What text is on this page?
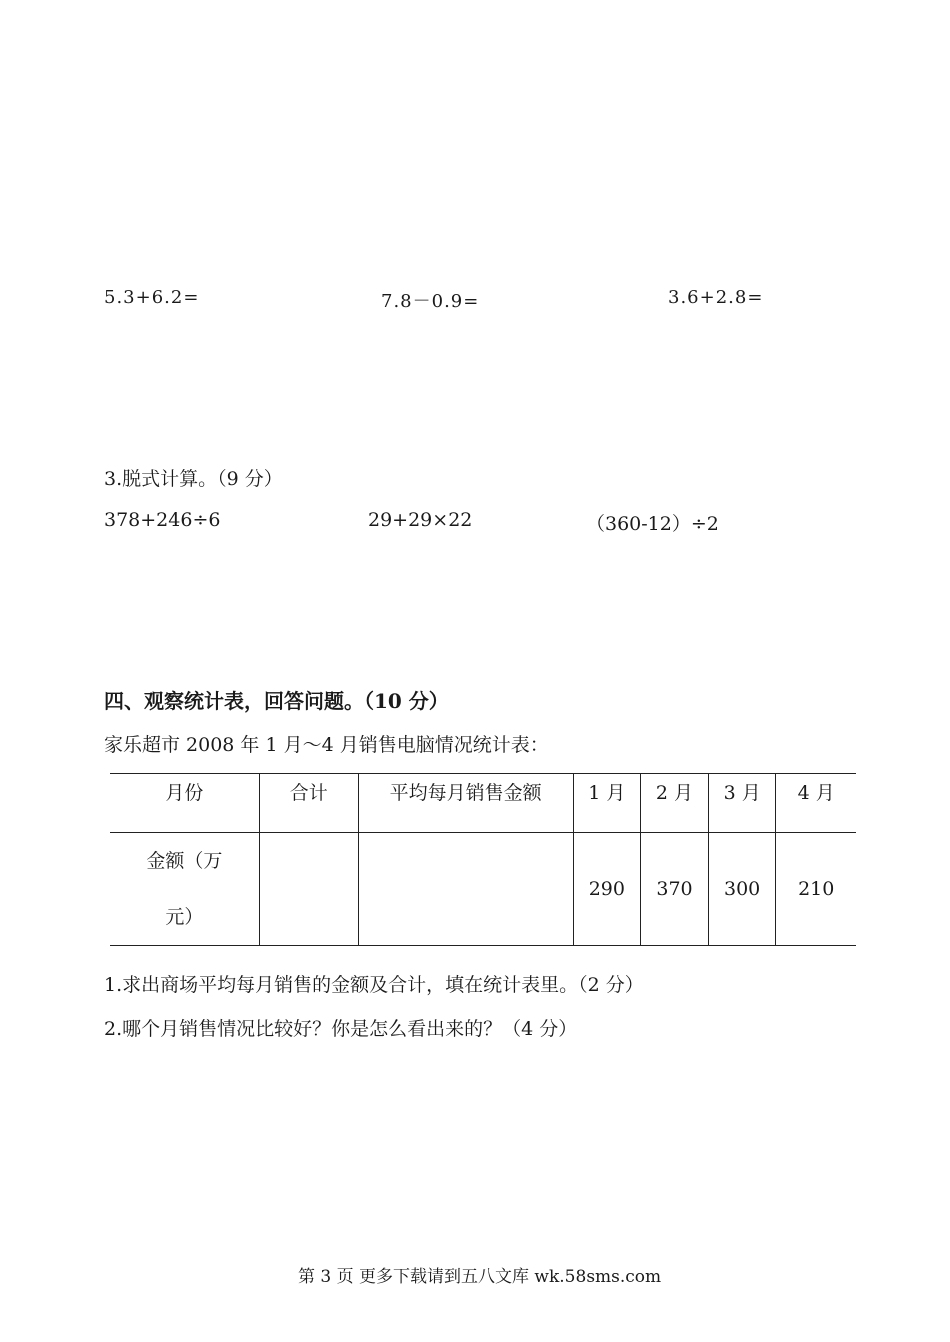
5.3+6.2=	7.8－0.9=	3.6+2.8=
3.脱式计算。（9 分）
378+246÷6	29+29×22	（360-12）÷2
四、观察统计表，回答问题。（10 分）
家乐超市 2008 年 1 月～4 月销售电脑情况统计表：
月份	合计	平均每月销售金额	1 月	2 月	3 月	4 月

金额（万
元）			290	370	300	210
1.求出商场平均每月销售的金额及合计，填在统计表里。（2 分）
2.哪个月销售情况比较好？你是怎么看出来的？（4 分）
第 3 页 更多下载请到五八文库 wk.58sms.com
